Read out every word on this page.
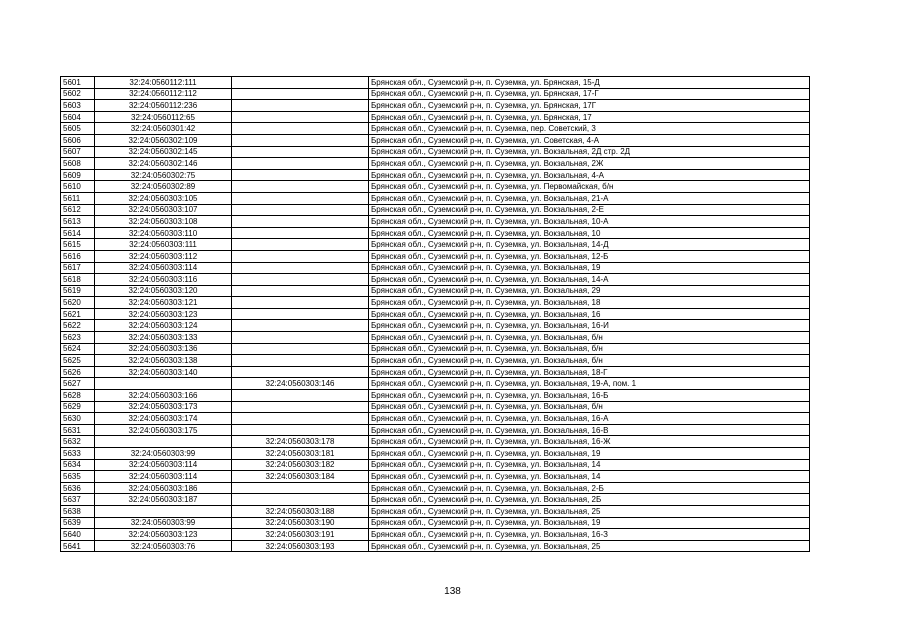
5601	32:24:0560112:111		Брянская обл., Суземский р-н, п. Суземка, ул. Брянская, 15-Д
5602	32:24:0560112:112		Брянская обл., Суземский р-н, п. Суземка, ул. Брянская, 17-Г
5603	32:24:0560112:236		Брянская обл., Суземский р-н, п. Суземка, ул. Брянская, 17Г
5604	32:24:0560112:65		Брянская обл., Суземский р-н, п. Суземка, ул. Брянская, 17
5605	32:24:0560301:42		Брянская обл., Суземский р-н, п. Суземка, пер. Советский, 3
5606	32:24:0560302:109		Брянская обл., Суземский р-н, п. Суземка, ул. Советская, 4-А
5607	32:24:0560302:145		Брянская обл., Суземский р-н, п. Суземка, ул. Вокзальная, 2Д стр. 2Д
5608	32:24:0560302:146		Брянская обл., Суземский р-н, п. Суземка, ул. Вокзальная, 2Ж
5609	32:24:0560302:75		Брянская обл., Суземский р-н, п. Суземка, ул. Вокзальная, 4-А
5610	32:24:0560302:89		Брянская обл., Суземский р-н, п. Суземка, ул. Первомайская, б/н
5611	32:24:0560303:105		Брянская обл., Суземский р-н, п. Суземка, ул. Вокзальная, 21-А
5612	32:24:0560303:107		Брянская обл., Суземский р-н, п. Суземка, ул. Вокзальная, 2-Е
5613	32:24:0560303:108		Брянская обл., Суземский р-н, п. Суземка, ул. Вокзальная, 10-А
5614	32:24:0560303:110		Брянская обл., Суземский р-н, п. Суземка, ул. Вокзальная, 10
5615	32:24:0560303:111		Брянская обл., Суземский р-н, п. Суземка, ул. Вокзальная, 14-Д
5616	32:24:0560303:112		Брянская обл., Суземский р-н, п. Суземка, ул. Вокзальная, 12-Б
5617	32:24:0560303:114		Брянская обл., Суземский р-н, п. Суземка, ул. Вокзальная, 19
5618	32:24:0560303:116		Брянская обл., Суземский р-н, п. Суземка, ул. Вокзальная, 14-А
5619	32:24:0560303:120		Брянская обл., Суземский р-н, п. Суземка, ул. Вокзальная, 29
5620	32:24:0560303:121		Брянская обл., Суземский р-н, п. Суземка, ул. Вокзальная, 18
5621	32:24:0560303:123		Брянская обл., Суземский р-н, п. Суземка, ул. Вокзальная, 16
5622	32:24:0560303:124		Брянская обл., Суземский р-н, п. Суземка, ул. Вокзальная, 16-И
5623	32:24:0560303:133		Брянская обл., Суземский р-н, п. Суземка, ул. Вокзальная, б/н
5624	32:24:0560303:136		Брянская обл., Суземский р-н, п. Суземка, ул. Вокзальная, б/н
5625	32:24:0560303:138		Брянская обл., Суземский р-н, п. Суземка, ул. Вокзальная, б/н
5626	32:24:0560303:140		Брянская обл., Суземский р-н, п. Суземка, ул. Вокзальная, 18-Г
5627		32:24:0560303:146	Брянская обл., Суземский р-н, п. Суземка, ул. Вокзальная, 19-А, пом. 1
5628	32:24:0560303:166		Брянская обл., Суземский р-н, п. Суземка, ул. Вокзальная, 16-Б
5629	32:24:0560303:173		Брянская обл., Суземский р-н, п. Суземка, ул. Вокзальная, б/н
5630	32:24:0560303:174		Брянская обл., Суземский р-н, п. Суземка, ул. Вокзальная, 16-А
5631	32:24:0560303:175		Брянская обл., Суземский р-н, п. Суземка, ул. Вокзальная, 16-В
5632		32:24:0560303:178	Брянская обл., Суземский р-н, п. Суземка, ул. Вокзальная, 16-Ж
5633	32:24:0560303:99	32:24:0560303:181	Брянская обл., Суземский р-н, п. Суземка, ул. Вокзальная, 19
5634	32:24:0560303:114	32:24:0560303:182	Брянская обл., Суземский р-н, п. Суземка, ул. Вокзальная, 14
5635	32:24:0560303:114	32:24:0560303:184	Брянская обл., Суземский р-н, п. Суземка, ул. Вокзальная, 14
5636	32:24:0560303:186		Брянская обл., Суземский р-н, п. Суземка, ул. Вокзальная, 2-Б
5637	32:24:0560303:187		Брянская обл., Суземский р-н, п. Суземка, ул. Вокзальная, 2Б
5638		32:24:0560303:188	Брянская обл., Суземский р-н, п. Суземка, ул. Вокзальная, 25
5639	32:24:0560303:99	32:24:0560303:190	Брянская обл., Суземский р-н, п. Суземка, ул. Вокзальная, 19
5640	32:24:0560303:123	32:24:0560303:191	Брянская обл., Суземский р-н, п. Суземка, ул. Вокзальная, 16-З
5641	32:24:0560303:76	32:24:0560303:193	Брянская обл., Суземский р-н, п. Суземка, ул. Вокзальная, 25
138
